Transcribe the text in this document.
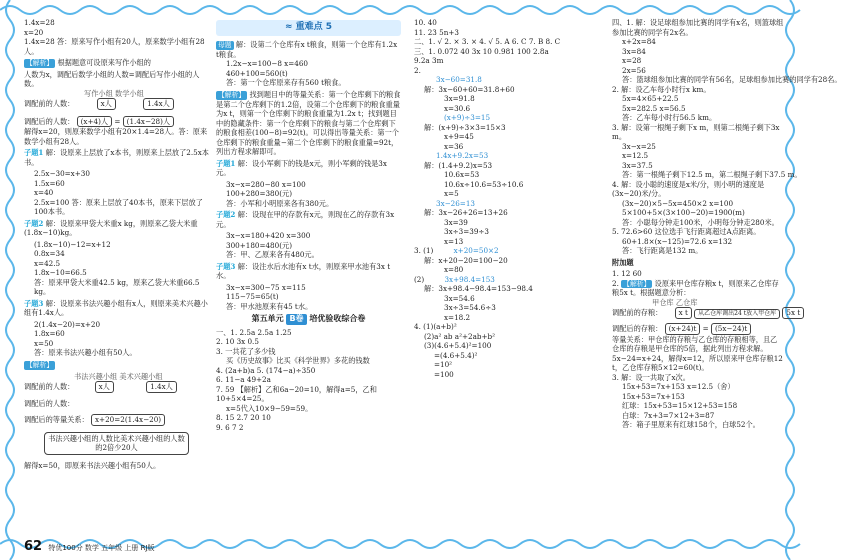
1.4x=28
x=20
1.4x=28 答：原来写作小组有20人，原来数学小组有28人。
【解析】 根据题意可设原来写作小组的
人数为x，调配后数学小组的人数=调配后写作小组的人数。
写作小组 数学小组
调配前的人数：	x人	1.4x人
调配后的人数： (x+4)人 = (1.4x−28)人
解得x=20，则原来数学小组有20×1.4=28人。答：原来数学小组有28人。
子题1 解：设原来上层放了x本书，则原来上层放了2.5x本书。
2.5x−30=x+30
1.5x=60
x=40
2.5x=100 答：原来上层放了40本书，原来下层放了100本书。
子题2 解：设原来甲袋大米重x kg，则原来乙袋大米重(1.8x−10)kg。
(1.8x−10)−12=x+12
0.8x=34
x=42.5
1.8x−10=66.5
答：原来甲袋大米重42.5 kg，原来乙袋大米重66.5 kg。
子题3 解：设原来书法兴趣小组有x人，则原来美术兴趣小组有1.4x人。
2(1.4x−20)=x+20
1.8x=60
x=50
答：原来书法兴趣小组有50人。
【解析】
书法兴趣小组 美术兴趣小组
调配前的人数：	x人	1.4x人
调配后的人数：
调配后的等量关系： x+20=2(1.4x−20)
书法兴趣小组的人数比美术兴趣小组的人数的2倍少20人
解得x=50，即原来书法兴趣小组有50人。
≈ 重难点 5
母题 解：设第二个仓库有x t粮食，则第一个仓库有1.2x t粮食。
1.2x−x=100−8 x=460
460+100=560(t)
答：第一个仓库原来存有560 t粮食。
【解析】 找到题目中的等量关系：第一个仓库剩下的粮食是第二个仓库剩下的1.2倍，设第二个仓库剩下的粮食重量为x t，则第一个仓库剩下的粮食重量为1.2x t；找到题目中的隐藏条件：第一个仓库剩下的粮食与第二个仓库剩下的粮食相差(100−8)=92(t)。可以得出等量关系：第一个仓库剩下的粮食重量−第二个仓库剩下的粮食重量=92t，列出方程求解即可。
子题1 解：设小军剩下的钱是x元，则小军剩的钱是3x元。
3x−x=280−80 x=100
100+280=380(元)
答：小军和小明原来各有380元。
子题2 解：设现在甲的存款有x元，则现在乙的存款有3x元。
3x−x=180+420 x=300
300+180=480(元)
答：甲、乙原来各有480元。
子题3 解：设注水后水池有x t水，则原来甲水池有3x t水。
3x−x=300−75 x=115
115−75=65(t)
答：甲水池原来有45 t水。
第五单元 B卷 培优验收综合卷
一、1. 2.5a 2.5a 1.25
2. 10 3x 0.5
3. 一共花了多少钱
买《历史故事》比买《科学世界》多花的钱数
4. (2a+b)a 5. (174−a)÷350
6. 11−a 49+2a
7. 59 【解析】乙和6a−20=10，解得a=5，乙和10+5×4=25。
x=5代入10×9−59=59。
8. 15 2.7 20 10
9. 6 7 2
10. 40
11. 23 5n+3
二、1. √ 2. × 3. × 4. √ 5. A 6. C 7. B 8. C
三、1. 0.072 40 3x 10 0.981 100 2.8a
9.2a 3m
2.
3x−60=31.8
解：3x−60+60=31.8+60
3x=91.8
x=30.6
(x+9)÷3=15
解：(x+9)÷3×3=15×3
x+9=45
x=36
1.4x+9.2x=53
解：(1.4+9.2)x=53
10.6x=53
10.6x÷10.6=53÷10.6
x=5
3x−26=13
解：3x−26+26=13+26
3x=39
3x÷3=39÷3
x=13
3. (1)	x+20=50×2
解：x+20−20=100−20
x=80
(2)	3x+98.4=153
解：3x+98.4−98.4=153−98.4
3x=54.6
3x÷3=54.6÷3
x=18.2
4. (1)(a+b)²
(2)a² ab a²+2ab+b²
(3)(4.6+5.4)²=100
=(4.6+5.4)²
=10²
=100
四、1. 解：设足球组参加比赛的同学有x名，则篮球组参加比赛的同学有2x名。
x+2x=84
3x=84
x=28
2x=56
答：篮球组参加比赛的同学有56名，足球组参加比赛的同学有28名。
2. 解：设乙车每小时行x km。
5x=4×65+22.5
5x=282.5 x=56.5
答：乙车每小时行56.5 km。
3. 解：设第一根绳子剩下x m，则第二根绳子剩下3x m。
3x−x=25
x=12.5
3x=37.5
答：第一根绳子剩下12.5 m，第二根绳子剩下37.5 m。
4. 解：设小聪的速度是x米/分，则小明的速度是(3x−20)米/分。
(3x−20)×5−5x=450×2 x=100
5×100+5×(3×100−20)=1900(m)
答：小聪每分钟走100米，小明每分钟走280米。
5. 72.6>60 这位选手飞行距离超过A点距离。
60+1.8×(x−125)=72.6 x=132
答：飞行距离是132 m。
附加题
1. 12 60
2. 【解析】 设原来甲仓库存粮x t，则原来乙仓库存粮5x t。根据题意分析：
甲仓库 乙仓库
调配前的存粮： x t 从乙仓库调出24 t放入甲仓库 5x t
调配后的存粮： (x+24)t = (5x−24)t
等量关系：甲仓库的存粮与乙仓库的存粮相等，且乙仓库的存粮是甲仓库的5倍，据此列出方程求解。
5x−24=x+24，解得x=12，所以原来甲仓库存粮12 t，乙仓库存粮5×12=60(t)。
3. 解：设一共取了x次。
15x+53=7x+153 x=12.5（舍）
15x+53=7x+153
红球：15x+53=15×12+53=158
白球：7x+3=7×12+3=87
答：箱子里原来有红球158个，白球52个。
62 特优100分 数学 五年级 上册 RJ版
